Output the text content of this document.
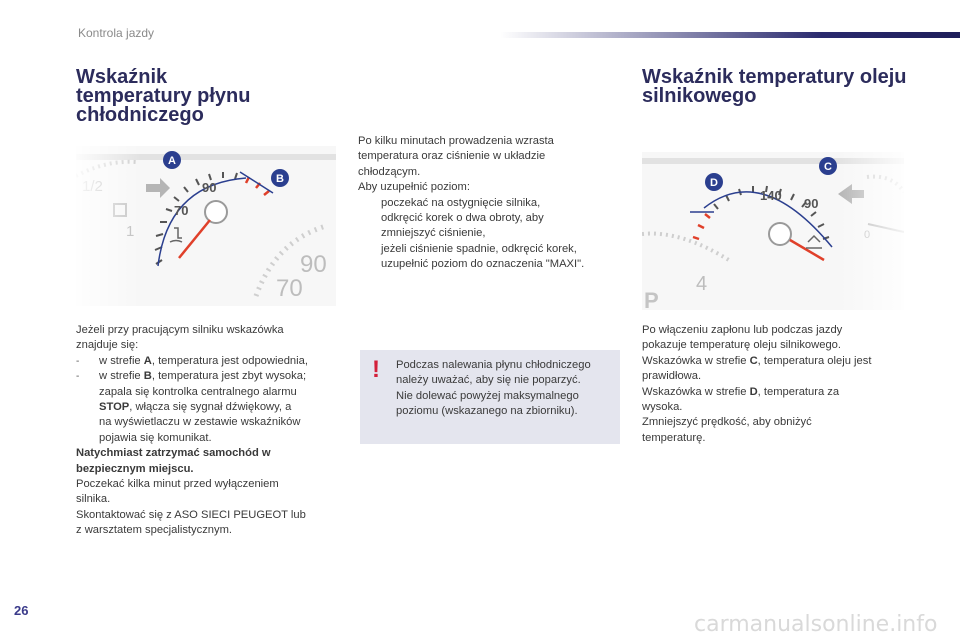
Kontrola jazdy
Wskaźnik
temperatury płynu
chłodniczego
Jeżeli przy pracującym silniku wskazówka
znajduje się:
- w strefie A, temperatura jest odpowiednia,
- w strefie B, temperatura jest zbyt wysoka;
zapala się kontrolka centralnego alarmu
STOP, włącza się sygnał dźwiękowy, a
na wyświetlaczu w zestawie wskaźników
pojawia się komunikat.
Natychmiast zatrzymać samochód w
bezpiecznym miejscu.
Poczekać kilka minut przed wyłączeniem
silnika.
Skontaktować się z ASO SIECI PEUGEOT lub
z warsztatem specjalistycznym.
Po kilku minutach prowadzenia wzrasta
temperatura oraz ciśnienie w układzie
chłodzącym.
Aby uzupełnić poziom:
poczekać na ostygnięcie silnika,
odkręcić korek o dwa obroty, aby
zmniejszyć ciśnienie,
jeżeli ciśnienie spadnie, odkręcić korek,
uzupełnić poziom do oznaczenia "MAXI".
! Podczas nalewania płynu chłodniczego
należy uważać, aby się nie poparzyć.
Nie dolewać powyżej maksymalnego
poziomu (wskazanego na zbiorniku).
Wskaźnik temperatury oleju
silnikowego
Po włączeniu zapłonu lub podczas jazdy
pokazuje temperaturę oleju silnikowego.
Wskazówka w strefie C, temperatura oleju jest
prawidłowa.
Wskazówka w strefie D, temperatura za
wysoka.
Zmniejszyć prędkość, aby obniżyć
temperaturę.
26
carmanualsonline.info
